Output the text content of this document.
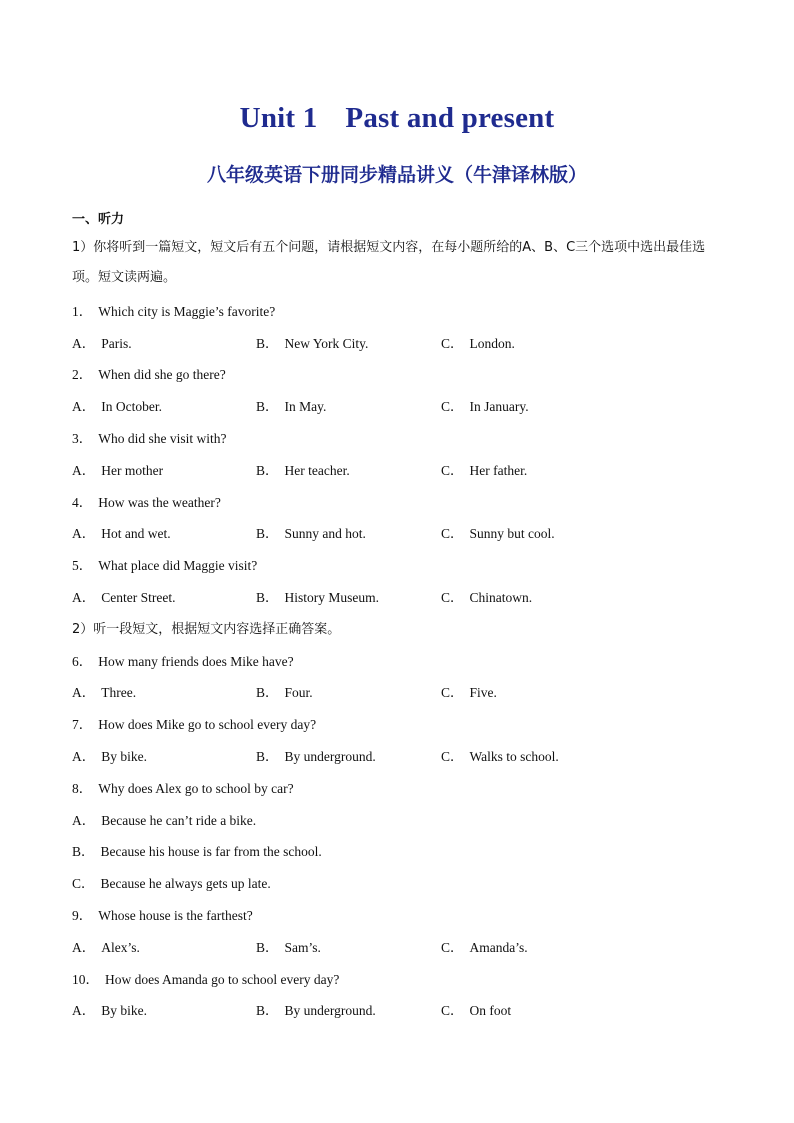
Unit 1 Past and present
八年级英语下册同步精品讲义（牛津译林版）
一、听力
1）你将听到一篇短文，短文后有五个问题，请根据短文内容，在每小题所给的A、B、C三个选项中选出最佳选项。短文读两遍。
1． Which city is Maggie’s favorite?
A． Paris.	B． New York City.	C． London.
2． When did she go there?
A． In October.	B． In May.	C． In January.
3． Who did she visit with?
A． Her mother	B． Her teacher.	C． Her father.
4． How was the weather?
A． Hot and wet.	B． Sunny and hot.	C． Sunny but cool.
5． What place did Maggie visit?
A． Center Street.	B． History Museum.	C． Chinatown.
2）听一段短文，根据短文内容选择正确答案。
6． How many friends does Mike have?
A． Three.	B． Four.	C． Five.
7． How does Mike go to school every day?
A． By bike.	B． By underground.	C． Walks to school.
8． Why does Alex go to school by car?
A． Because he can’t ride a bike.
B． Because his house is far from the school.
C． Because he always gets up late.
9． Whose house is the farthest?
A． Alex’s.	B． Sam’s.	C． Amanda’s.
10． How does Amanda go to school every day?
A． By bike.	B． By underground.	C． On foot
